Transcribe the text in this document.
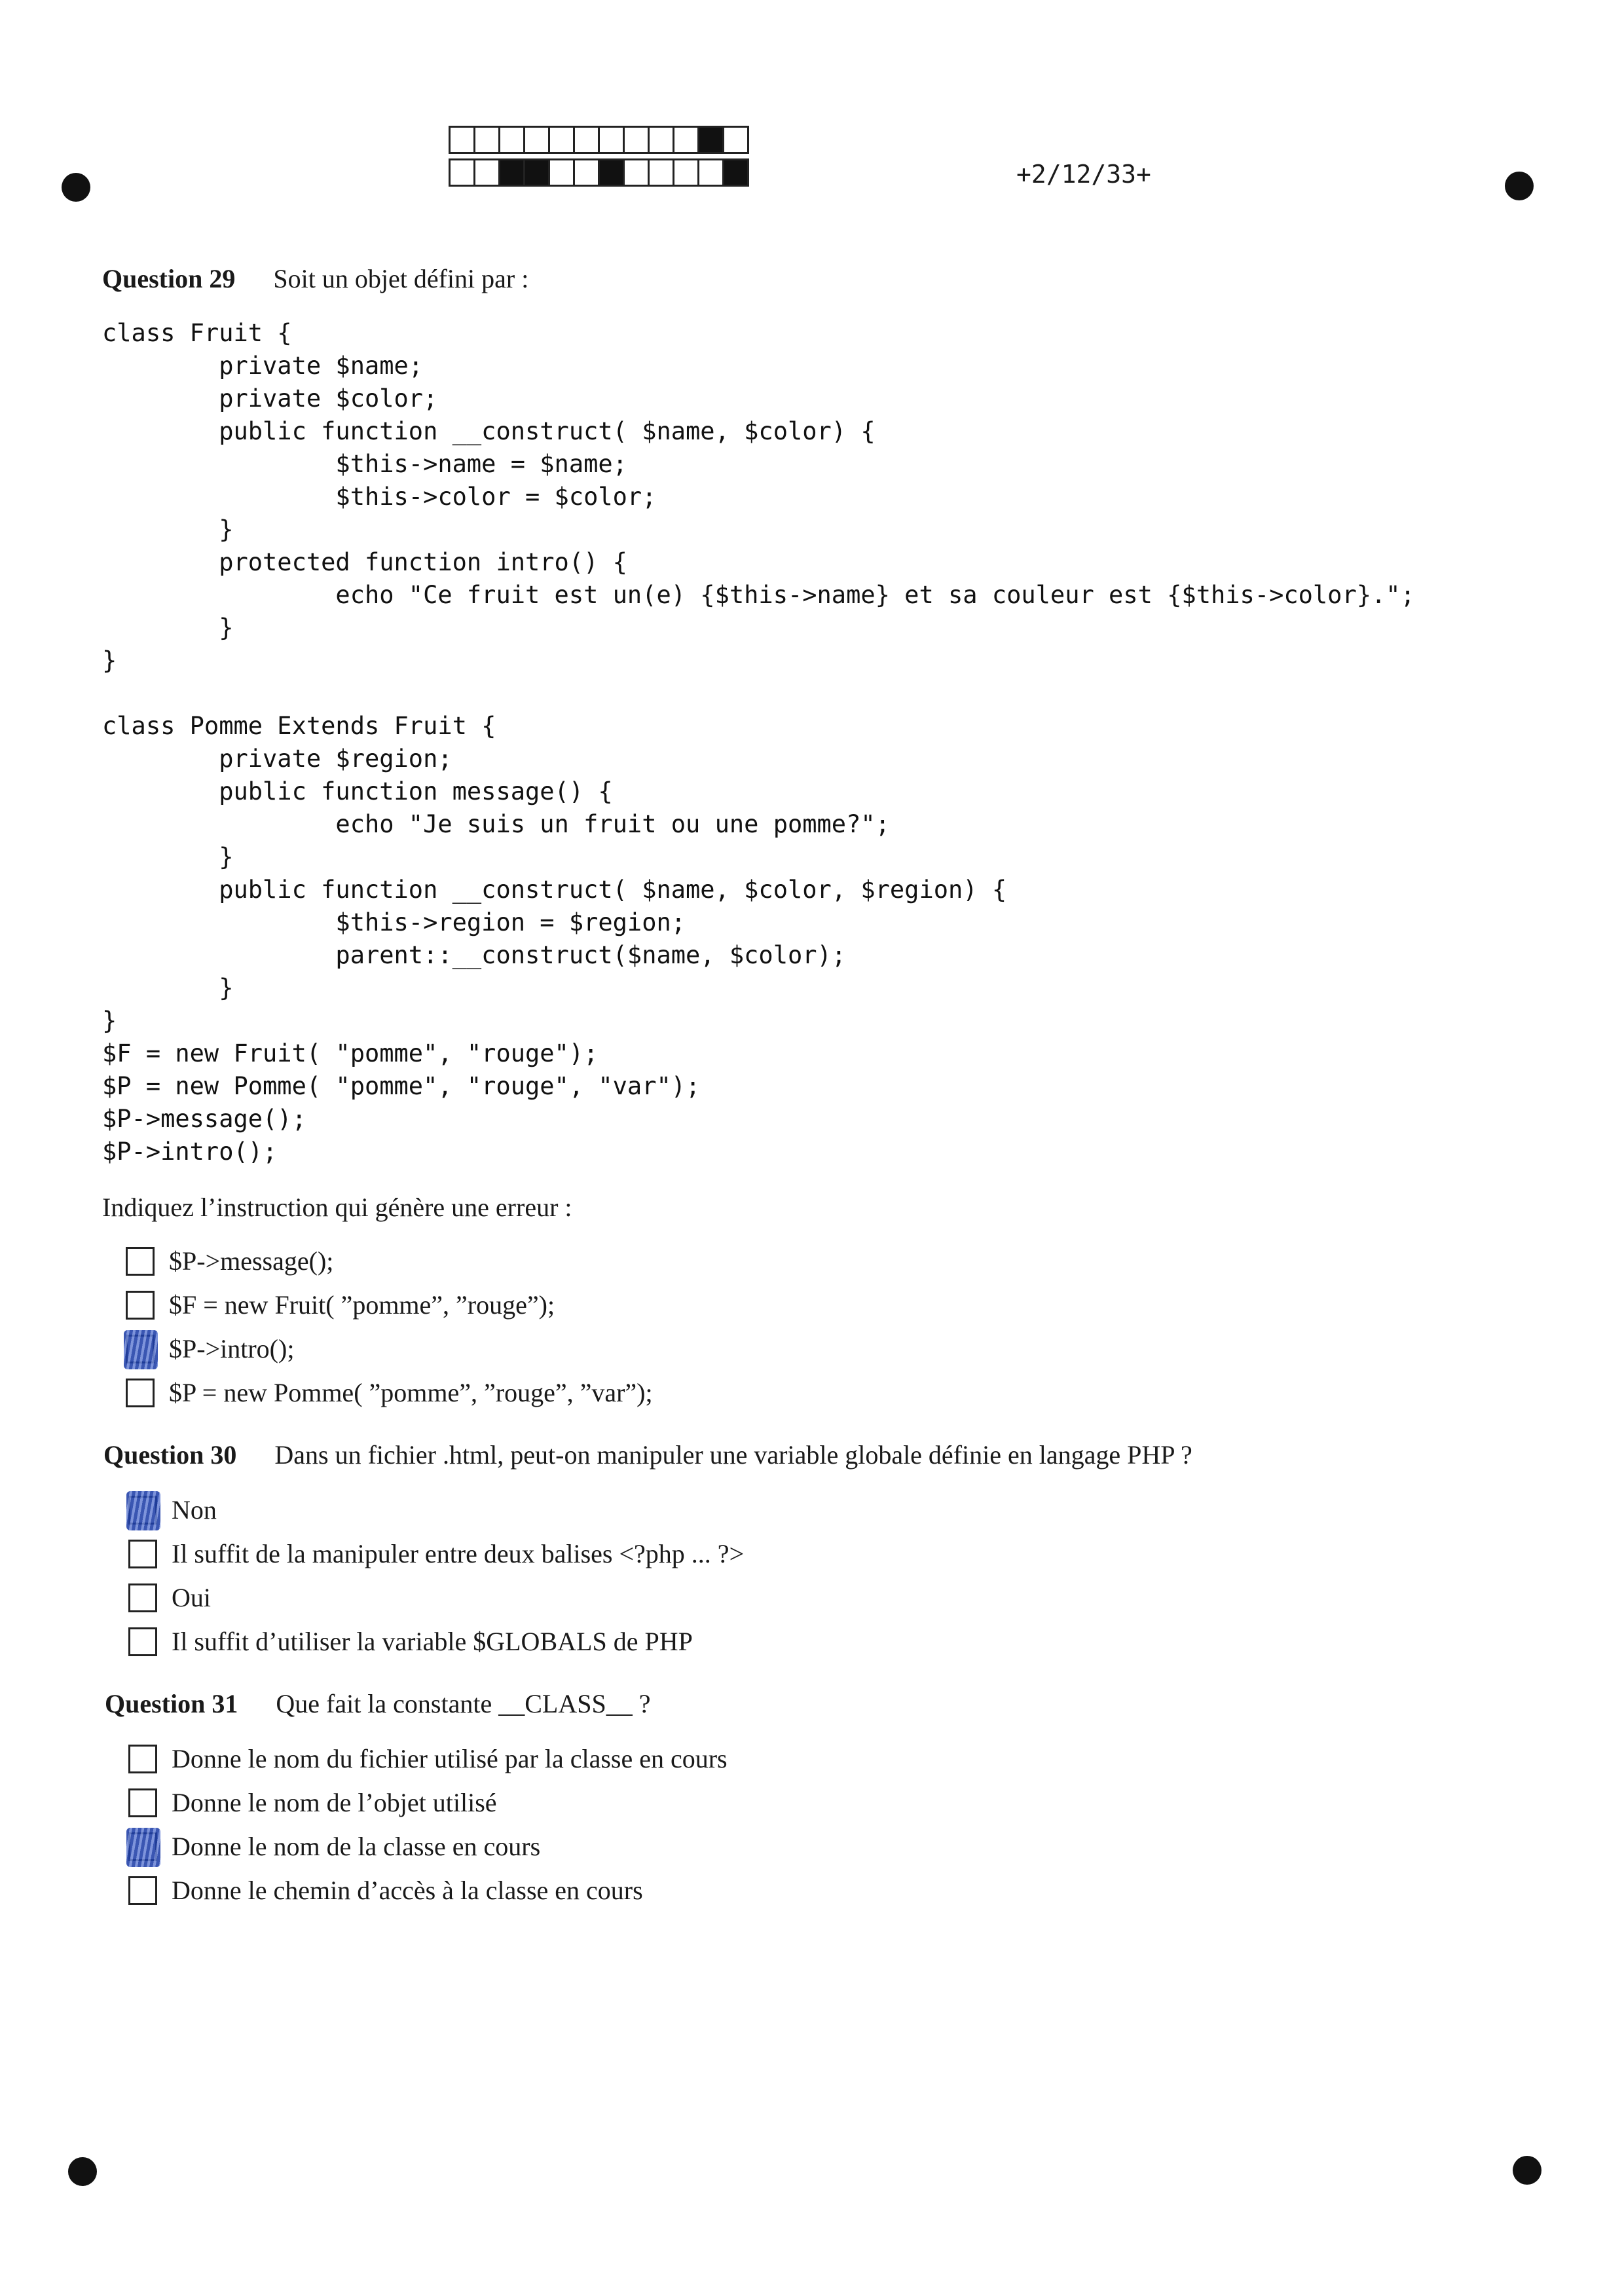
+2/12/33+
Question 29 Soit un objet défini par :
class Fruit {
private $name;
private $color;
public function __construct( $name, $color) {
$this->name = $name;
$this->color = $color;
}
protected function intro() {
echo "Ce fruit est un(e) {$this->name} et sa couleur est {$this->color}.";
}
}

class Pomme Extends Fruit {
private $region;
public function message() {
echo "Je suis un fruit ou une pomme?";
}
public function __construct( $name, $color, $region) {
$this->region = $region;
parent::__construct($name, $color);
}
}
$F = new Fruit( "pomme", "rouge");
$P = new Pomme( "pomme", "rouge", "var");
$P->message();
$P->intro();
Indiquez l’instruction qui génère une erreur :
$P->message();
$F = new Fruit( ”pomme”, ”rouge”);
$P->intro();
$P = new Pomme( ”pomme”, ”rouge”, ”var”);
Question 30 Dans un fichier .html, peut-on manipuler une variable globale définie en langage PHP ?
Non
Il suffit de la manipuler entre deux balises <?php ... ?>
Oui
Il suffit d’utiliser la variable $GLOBALS de PHP
Question 31 Que fait la constante __CLASS__ ?
Donne le nom du fichier utilisé par la classe en cours
Donne le nom de l’objet utilisé
Donne le nom de la classe en cours
Donne le chemin d’accès à la classe en cours
